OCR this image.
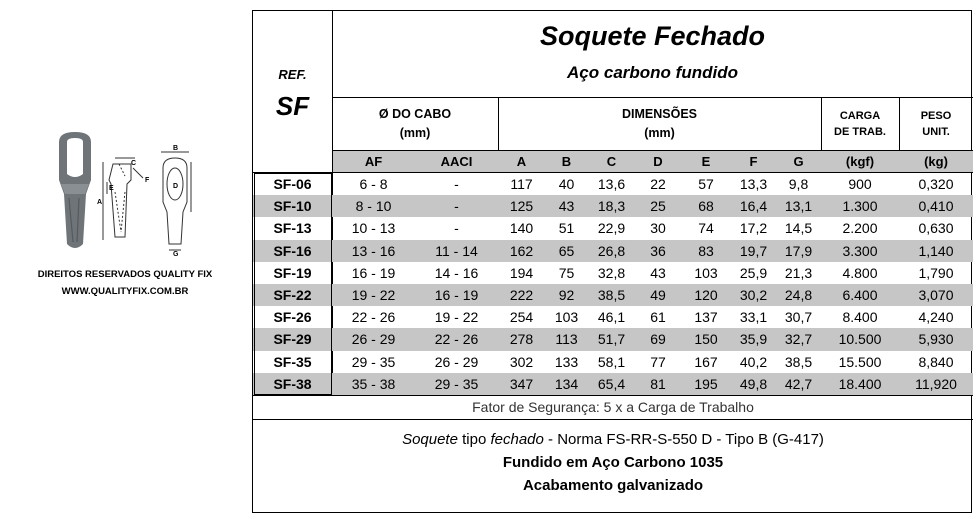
C
B
E
F
A
D
G
DIREITOS RESERVADOS QUALITY FIX
WWW.QUALITYFIX.COM.BR
REF.
SF
Soquete Fechado
Aço carbono fundido
Ø DO CABO
(mm)
DIMENSÕES
(mm)
CARGA
DE TRAB.
PESO
UNIT.
AF	AACI	A	B	C	D	E	F	G	(kgf)	(kg)
SF-06	6 - 8	-	117	40	13,6	22	57	13,3	9,8	900	0,320
SF-10	8 - 10	-	125	43	18,3	25	68	16,4	13,1	1.300	0,410
SF-13	10 - 13	-	140	51	22,9	30	74	17,2	14,5	2.200	0,630
SF-16	13 - 16	11 - 14	162	65	26,8	36	83	19,7	17,9	3.300	1,140
SF-19	16 - 19	14 - 16	194	75	32,8	43	103	25,9	21,3	4.800	1,790
SF-22	19 - 22	16 - 19	222	92	38,5	49	120	30,2	24,8	6.400	3,070
SF-26	22 - 26	19 - 22	254	103	46,1	61	137	33,1	30,7	8.400	4,240
SF-29	26 - 29	22 - 26	278	113	51,7	69	150	35,9	32,7	10.500	5,930
SF-35	29 - 35	26 - 29	302	133	58,1	77	167	40,2	38,5	15.500	8,840
SF-38	35 - 38	29 - 35	347	134	65,4	81	195	49,8	42,7	18.400	11,920
Fator de Segurança: 5 x a Carga de Trabalho
Soquete tipo fechado - Norma FS-RR-S-550 D - Tipo B (G-417)
Fundido em Aço Carbono 1035
Acabamento galvanizado
